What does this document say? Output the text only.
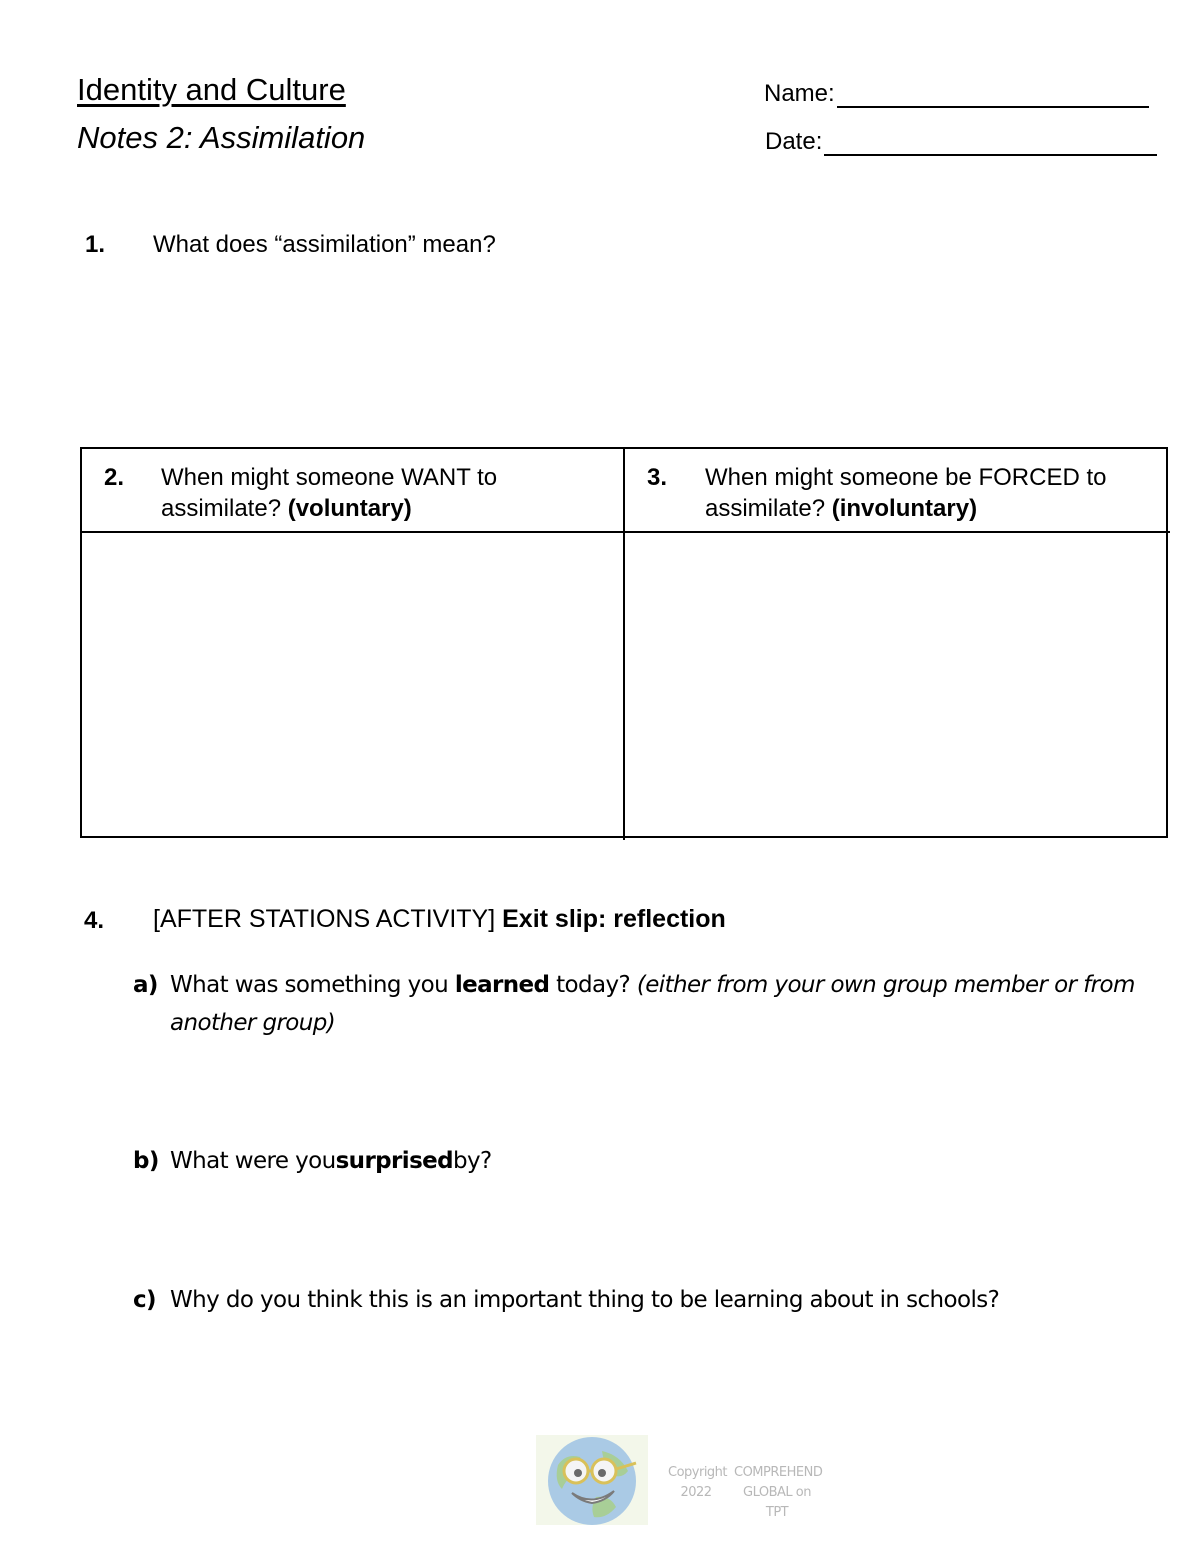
Identity and Culture
Notes 2: Assimilation
Name:
Date:
1. What does “assimilation” mean?
2. When might someone WANT to assimilate? (voluntary)
3. When might someone be FORCED to assimilate? (involuntary)
4. [AFTER STATIONS ACTIVITY] Exit slip: reflection
a) What was something you learned today? (either from your own group member or from another group)
b) What were yousurprisedby?
c) Why do you think this is an important thing to be learning about in schools?
Copyright
2022
COMPREHEND
GLOBAL on TPT
